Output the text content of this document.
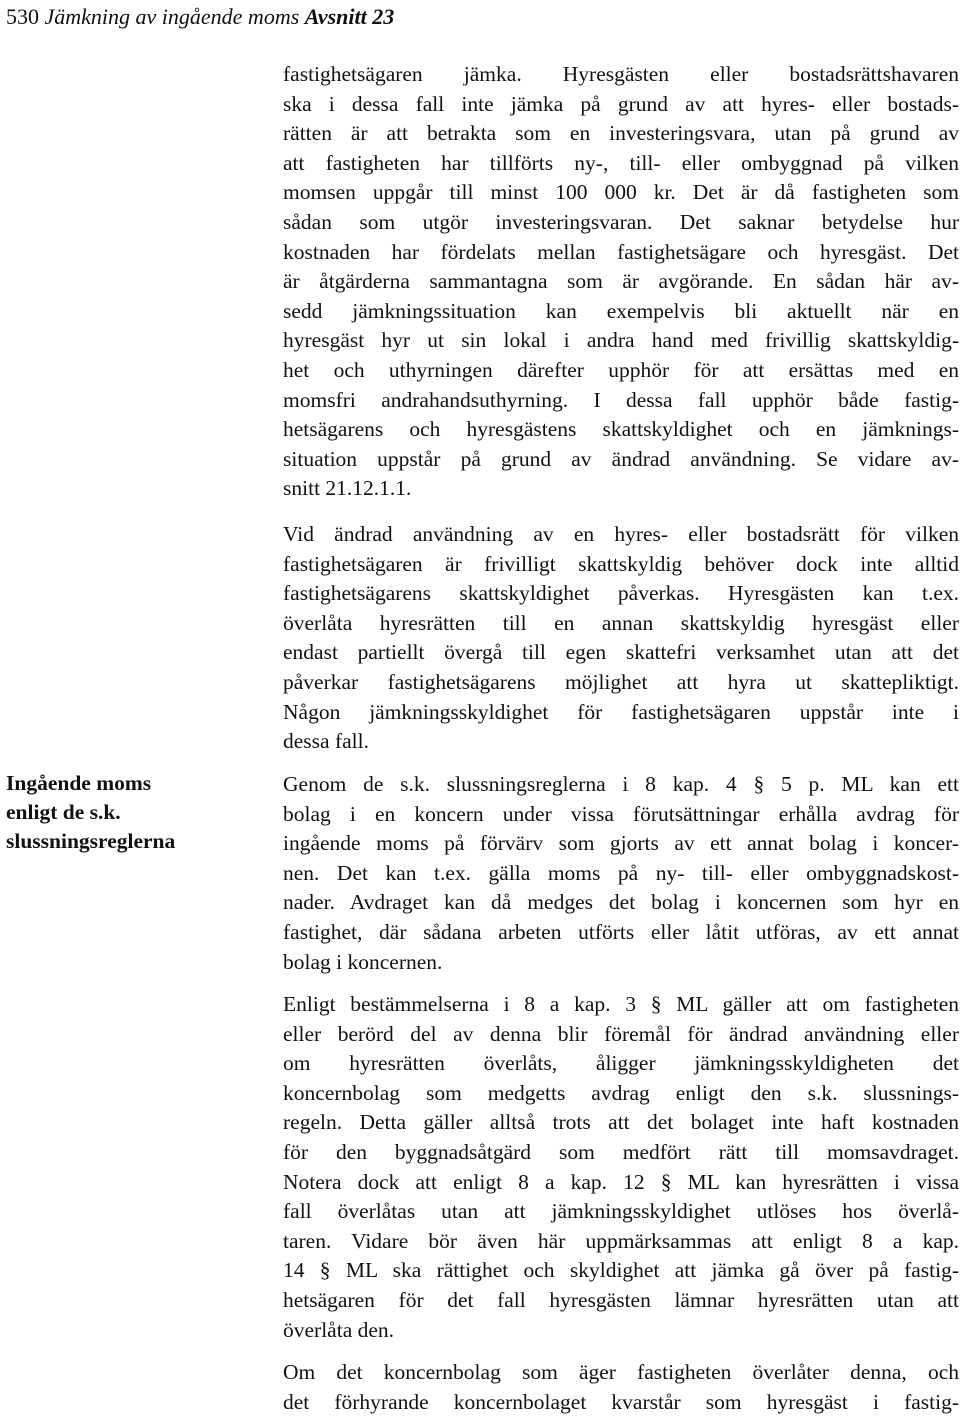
530 Jämkning av ingående moms Avsnitt 23
Ingående moms
enligt de s.k.
slussningsreglerna

fastighetsägaren jämka. Hyresgästen eller bostadsrättshavaren
ska i dessa fall inte jämka på grund av att hyres- eller bostads-
rätten är att betrakta som en investeringsvara, utan på grund av
att fastigheten har tillförts ny-, till- eller ombyggnad på vilken
momsen uppgår till minst 100 000 kr. Det är då fastigheten som
sådan som utgör investeringsvaran. Det saknar betydelse hur
kostnaden har fördelats mellan fastighetsägare och hyresgäst. Det
är åtgärderna sammantagna som är avgörande. En sådan här av-
sedd jämkningssituation kan exempelvis bli aktuellt när en
hyresgäst hyr ut sin lokal i andra hand med frivillig skattskyldig-
het och uthyrningen därefter upphör för att ersättas med en
momsfri andrahandsuthyrning. I dessa fall upphör både fastig-
hetsägarens och hyresgästens skattskyldighet och en jämknings-
situation uppstår på grund av ändrad användning. Se vidare av-
snitt 21.12.1.1.

Vid ändrad användning av en hyres- eller bostadsrätt för vilken
fastighetsägaren är frivilligt skattskyldig behöver dock inte alltid
fastighetsägarens skattskyldighet påverkas. Hyresgästen kan t.ex.
överlåta hyresrätten till en annan skattskyldig hyresgäst eller
endast partiellt övergå till egen skattefri verksamhet utan att det
påverkar fastighetsägarens möjlighet att hyra ut skattepliktigt.
Någon jämkningsskyldighet för fastighetsägaren uppstår inte i
dessa fall.

Genom de s.k. slussningsreglerna i 8 kap. 4 § 5 p. ML kan ett
bolag i en koncern under vissa förutsättningar erhålla avdrag för
ingående moms på förvärv som gjorts av ett annat bolag i koncer-
nen. Det kan t.ex. gälla moms på ny- till- eller ombyggnadskost-
nader. Avdraget kan då medges det bolag i koncernen som hyr en
fastighet, där sådana arbeten utförts eller låtit utföras, av ett annat
bolag i koncernen.

Enligt bestämmelserna i 8 a kap. 3 § ML gäller att om fastigheten
eller berörd del av denna blir föremål för ändrad användning eller
om hyresrätten överlåts, åligger jämkningsskyldigheten det
koncernbolag som medgetts avdrag enligt den s.k. slussnings-
regeln. Detta gäller alltså trots att det bolaget inte haft kostnaden
för den byggnadsåtgärd som medfört rätt till momsavdraget.
Notera dock att enligt 8 a kap. 12 § ML kan hyresrätten i vissa
fall överlåtas utan att jämkningsskyldighet utlöses hos överlå-
taren. Vidare bör även här uppmärksammas att enligt 8 a kap.
14 § ML ska rättighet och skyldighet att jämka gå över på fastig-
hetsägaren för det fall hyresgästen lämnar hyresrätten utan att
överlåta den.

Om det koncernbolag som äger fastigheten överlåter denna, och
det förhyrande koncernbolaget kvarstår som hyresgäst i fastig-
